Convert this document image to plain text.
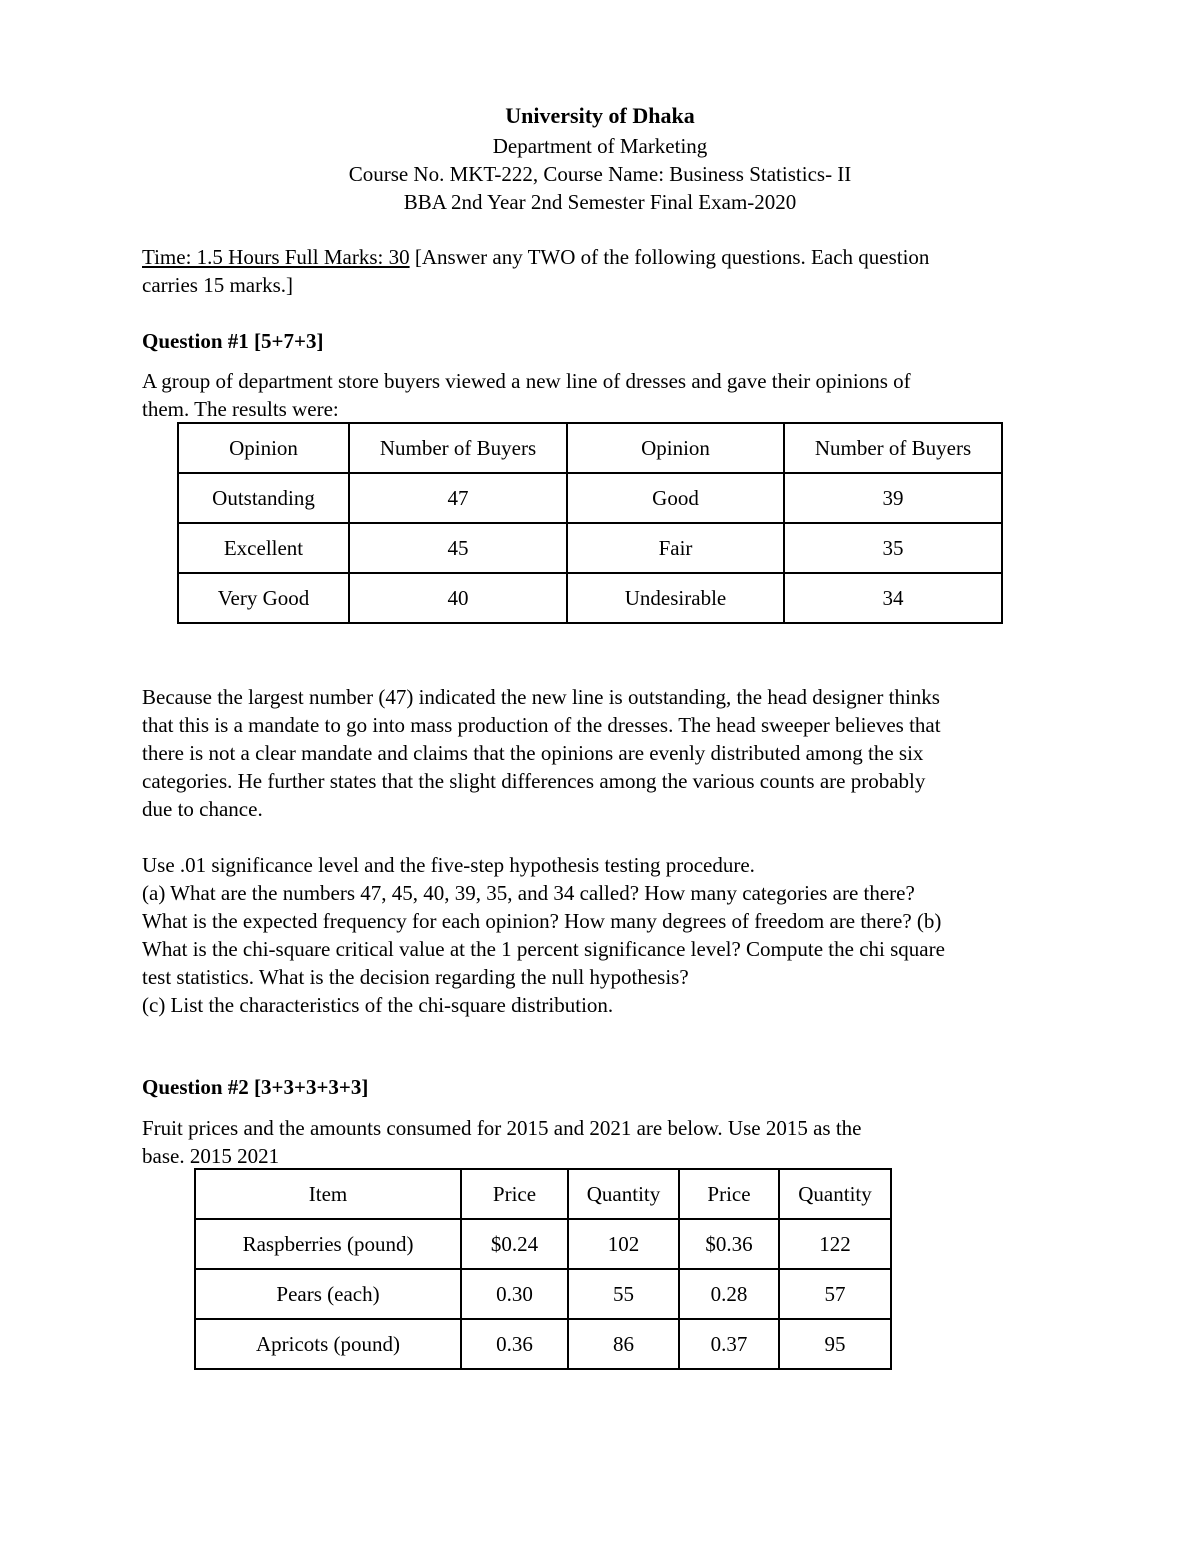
University of Dhaka
Department of Marketing
Course No. MKT-222, Course Name: Business Statistics- II
BBA 2nd Year 2nd Semester Final Exam-2020
Time: 1.5 Hours Full Marks: 30 [Answer any TWO of the following questions. Each question
carries 15 marks.]
Question #1 [5+7+3]
A group of department store buyers viewed a new line of dresses and gave their opinions of
them. The results were:
Opinion	Number of Buyers	Opinion	Number of Buyers
Outstanding	47	Good	39
Excellent	45	Fair	35
Very Good	40	Undesirable	34
Because the largest number (47) indicated the new line is outstanding, the head designer thinks
that this is a mandate to go into mass production of the dresses. The head sweeper believes that
there is not a clear mandate and claims that the opinions are evenly distributed among the six
categories. He further states that the slight differences among the various counts are probably
due to chance.
Use .01 significance level and the five-step hypothesis testing procedure.
(a) What are the numbers 47, 45, 40, 39, 35, and 34 called? How many categories are there?
What is the expected frequency for each opinion? How many degrees of freedom are there? (b)
What is the chi-square critical value at the 1 percent significance level? Compute the chi square
test statistics. What is the decision regarding the null hypothesis?
(c) List the characteristics of the chi-square distribution.
Question #2 [3+3+3+3+3]
Fruit prices and the amounts consumed for 2015 and 2021 are below. Use 2015 as the
base. 2015 2021
Item	Price	Quantity	Price	Quantity
Raspberries (pound)	$0.24	102	$0.36	122
Pears (each)	0.30	55	0.28	57
Apricots (pound)	0.36	86	0.37	95
